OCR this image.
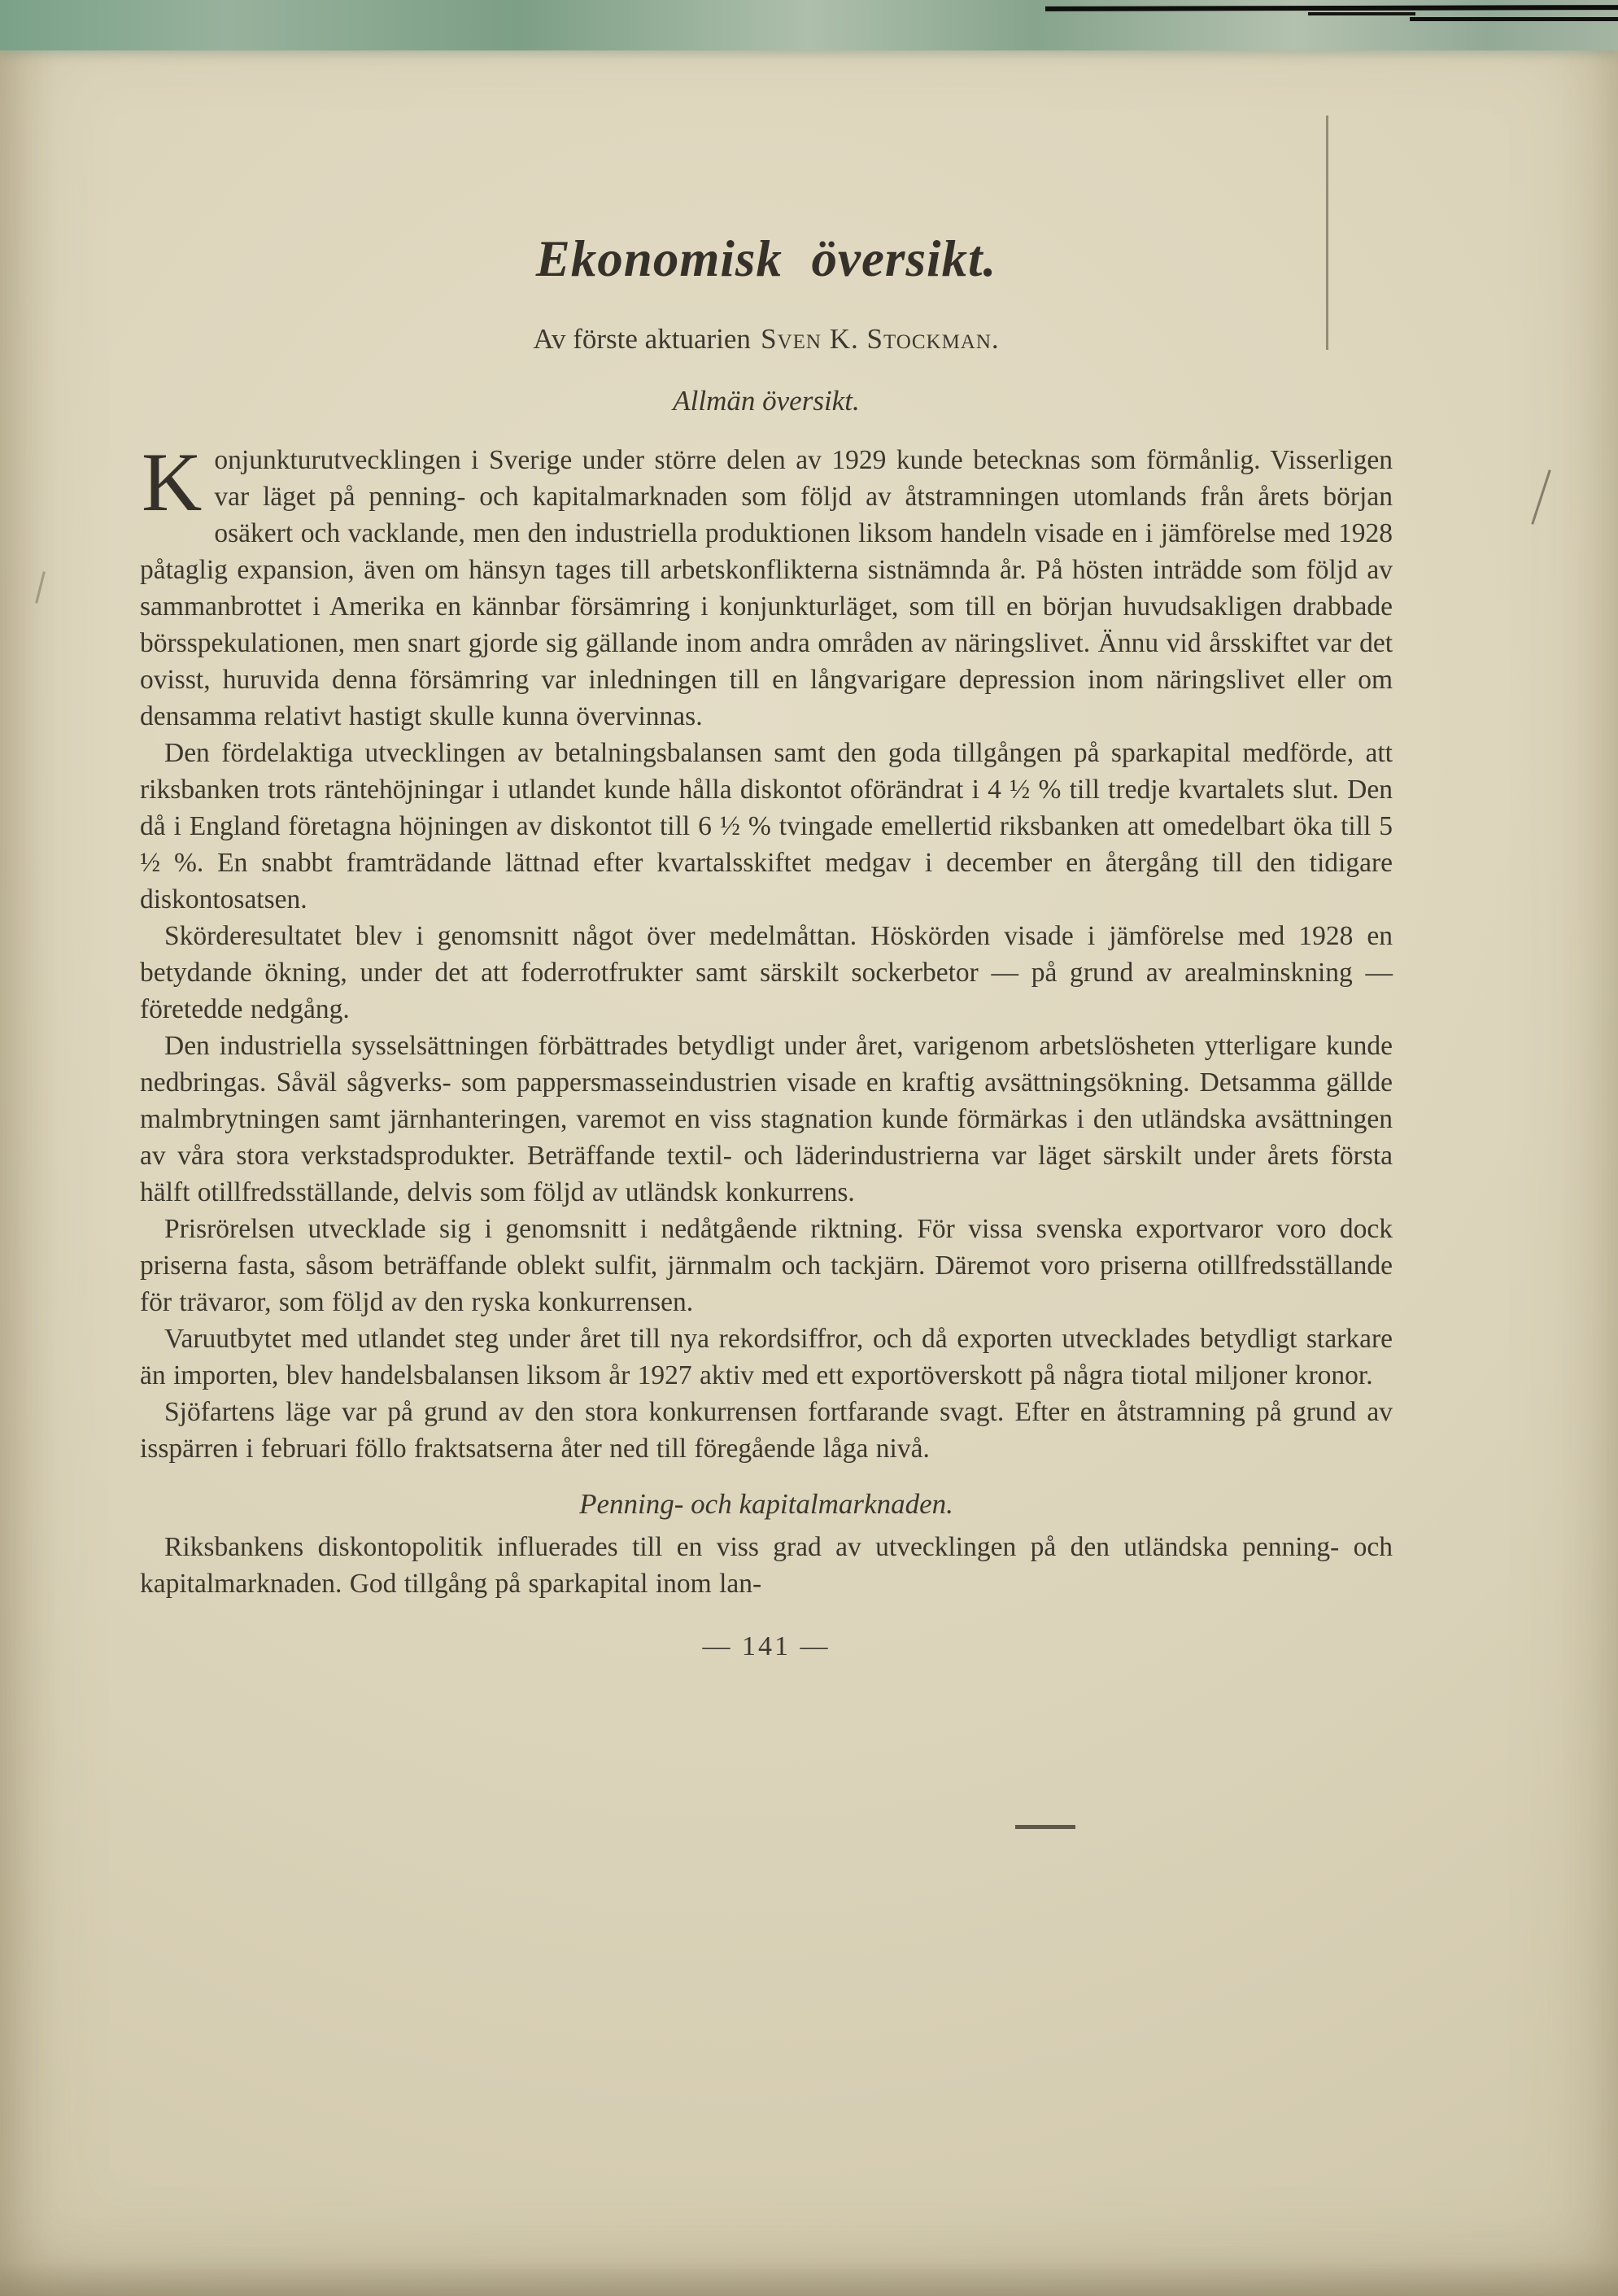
Ekonomisk översikt.

Av förste aktuarien Sven K. Stockman.

Allmän översikt.

Konjunkturutvecklingen i Sverige under större delen av 1929 kunde betecknas som förmånlig. Visserligen var läget på penning- och kapitalmarknaden som följd av åtstramningen utomlands från årets början osäkert och vacklande, men den industriella produktionen liksom handeln visade en i jämförelse med 1928 påtaglig expansion, även om hänsyn tages till arbetskonflikterna sistnämnda år. På hösten inträdde som följd av sammanbrottet i Amerika en kännbar försämring i konjunkturläget, som till en början huvudsakligen drabbade börsspekulationen, men snart gjorde sig gällande inom andra områden av näringslivet. Ännu vid årsskiftet var det ovisst, huruvida denna försämring var inledningen till en långvarigare depression inom näringslivet eller om densamma relativt hastigt skulle kunna övervinnas.

Den fördelaktiga utvecklingen av betalningsbalansen samt den goda tillgången på sparkapital medförde, att riksbanken trots räntehöjningar i utlandet kunde hålla diskontot oförändrat i 4 ½ % till tredje kvartalets slut. Den då i England företagna höjningen av diskontot till 6 ½ % tvingade emellertid riksbanken att omedelbart öka till 5 ½ %. En snabbt framträdande lättnad efter kvartalsskiftet medgav i december en återgång till den tidigare diskontosatsen.

Skörderesultatet blev i genomsnitt något över medelmåttan. Höskörden visade i jämförelse med 1928 en betydande ökning, under det att foderrotfrukter samt särskilt sockerbetor — på grund av arealminskning — företedde nedgång.

Den industriella sysselsättningen förbättrades betydligt under året, varigenom arbetslösheten ytterligare kunde nedbringas. Såväl sågverks- som pappersmasseindustrien visade en kraftig avsättningsökning. Detsamma gällde malmbrytningen samt järnhanteringen, varemot en viss stagnation kunde förmärkas i den utländska avsättningen av våra stora verkstadsprodukter. Beträffande textil- och läderindustrierna var läget särskilt under årets första hälft otillfredsställande, delvis som följd av utländsk konkurrens.

Prisrörelsen utvecklade sig i genomsnitt i nedåtgående riktning. För vissa svenska exportvaror voro dock priserna fasta, såsom beträffande oblekt sulfit, järnmalm och tackjärn. Däremot voro priserna otillfredsställande för trävaror, som följd av den ryska konkurrensen.

Varuutbytet med utlandet steg under året till nya rekordsiffror, och då exporten utvecklades betydligt starkare än importen, blev handelsbalansen liksom år 1927 aktiv med ett exportöverskott på några tiotal miljoner kronor.

Sjöfartens läge var på grund av den stora konkurrensen fortfarande svagt. Efter en åtstramning på grund av isspärren i februari föllo fraktsatserna åter ned till föregående låga nivå.

Penning- och kapitalmarknaden.

Riksbankens diskontopolitik influerades till en viss grad av utvecklingen på den utländska penning- och kapitalmarknaden. God tillgång på sparkapital inom lan-

— 141 —
